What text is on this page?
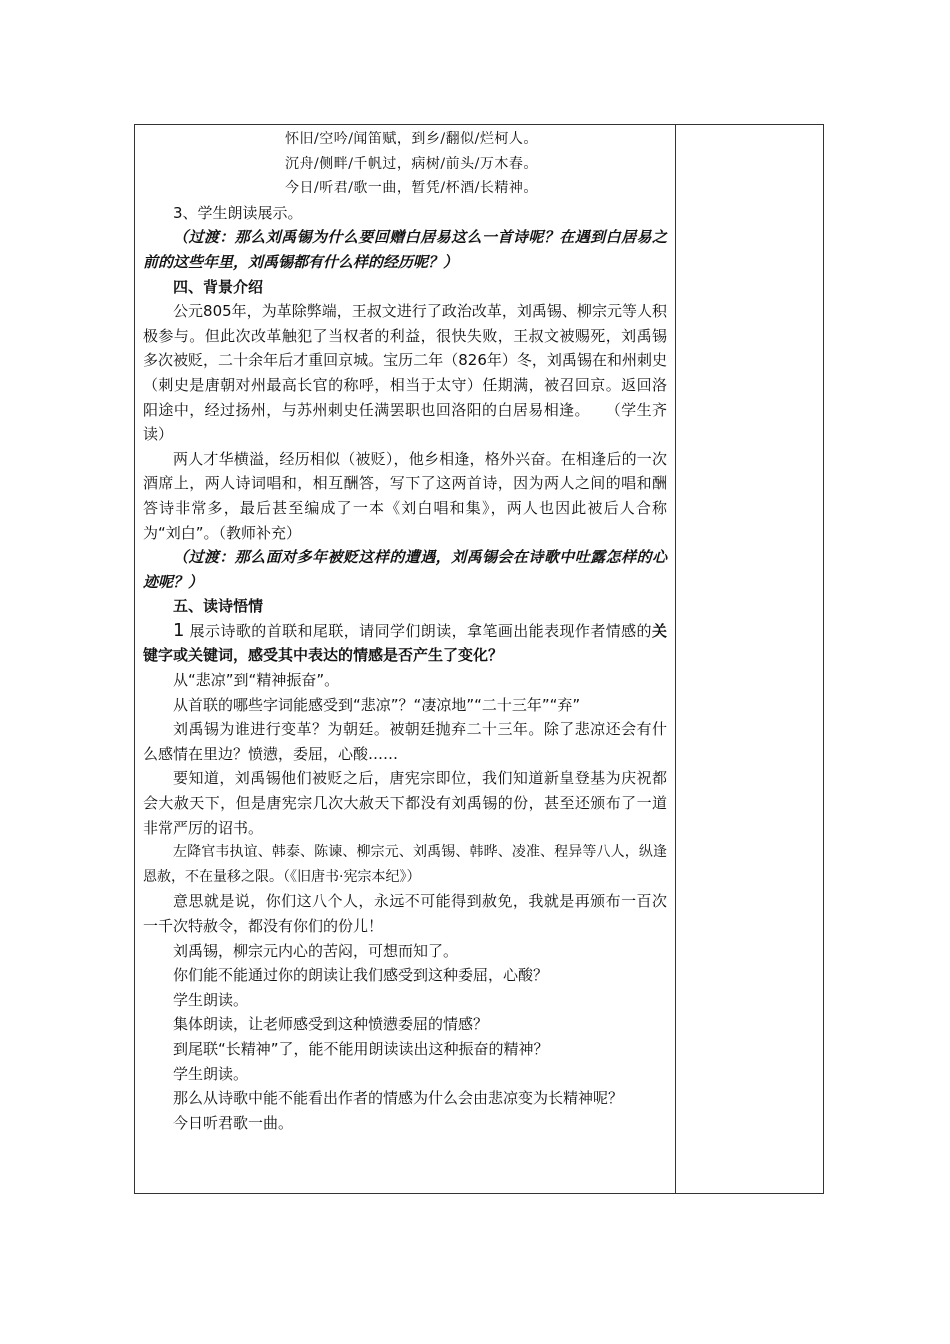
怀旧/空吟/闻笛赋，到乡/翻似/烂柯人。

沉舟/侧畔/千帆过，病树/前头/万木春。

今日/听君/歌一曲，暂凭/杯酒/长精神。

3、学生朗读展示。

（过渡：那么刘禹锡为什么要回赠白居易这么一首诗呢？在遇到白居易之前的这些年里，刘禹锡都有什么样的经历呢？）

四、背景介绍

公元805年，为革除弊端，王叔文进行了政治改革，刘禹锡、柳宗元等人积极参与。但此次改革触犯了当权者的利益，很快失败，王叔文被赐死，刘禹锡多次被贬，二十余年后才重回京城。宝历二年（826年）冬，刘禹锡在和州刺史（刺史是唐朝对州最高长官的称呼，相当于太守）任期满，被召回京。返回洛阳途中，经过扬州，与苏州刺史任满罢职也回洛阳的白居易相逢。　　（学生齐读）

两人才华横溢，经历相似（被贬），他乡相逢，格外兴奋。在相逢后的一次酒席上，两人诗词唱和，相互酬答，写下了这两首诗，因为两人之间的唱和酬答诗非常多，最后甚至编成了一本《刘白唱和集》，两人也因此被后人合称为“刘白”。（教师补充）

（过渡：那么面对多年被贬这样的遭遇，刘禹锡会在诗歌中吐露怎样的心迹呢？）

五、读诗悟情

1 展示诗歌的首联和尾联，请同学们朗读，拿笔画出能表现作者情感的关键字或关键词，感受其中表达的情感是否产生了变化？

从“悲凉”到“精神振奋”。

从首联的哪些字词能感受到“悲凉”？“凄凉地”“二十三年”“弃”

刘禹锡为谁进行变革？为朝廷。被朝廷抛弃二十三年。除了悲凉还会有什么感情在里边？愤懑，委屈，心酸……

要知道，刘禹锡他们被贬之后，唐宪宗即位，我们知道新皇登基为庆祝都会大赦天下，但是唐宪宗几次大赦天下都没有刘禹锡的份，甚至还颁布了一道非常严厉的诏书。

左降官韦执谊、韩泰、陈谏、柳宗元、刘禹锡、韩晔、凌准、程异等八人，纵逢恩赦，不在量移之限。（《旧唐书·宪宗本纪》）

意思就是说，你们这八个人，永远不可能得到赦免，我就是再颁布一百次一千次特赦令，都没有你们的份儿！

刘禹锡，柳宗元内心的苦闷，可想而知了。

你们能不能通过你的朗读让我们感受到这种委屈，心酸？

学生朗读。

集体朗读，让老师感受到这种愤懑委屈的情感？

到尾联“长精神”了，能不能用朗读读出这种振奋的精神？

学生朗读。

那么从诗歌中能不能看出作者的情感为什么会由悲凉变为长精神呢？

今日听君歌一曲。
